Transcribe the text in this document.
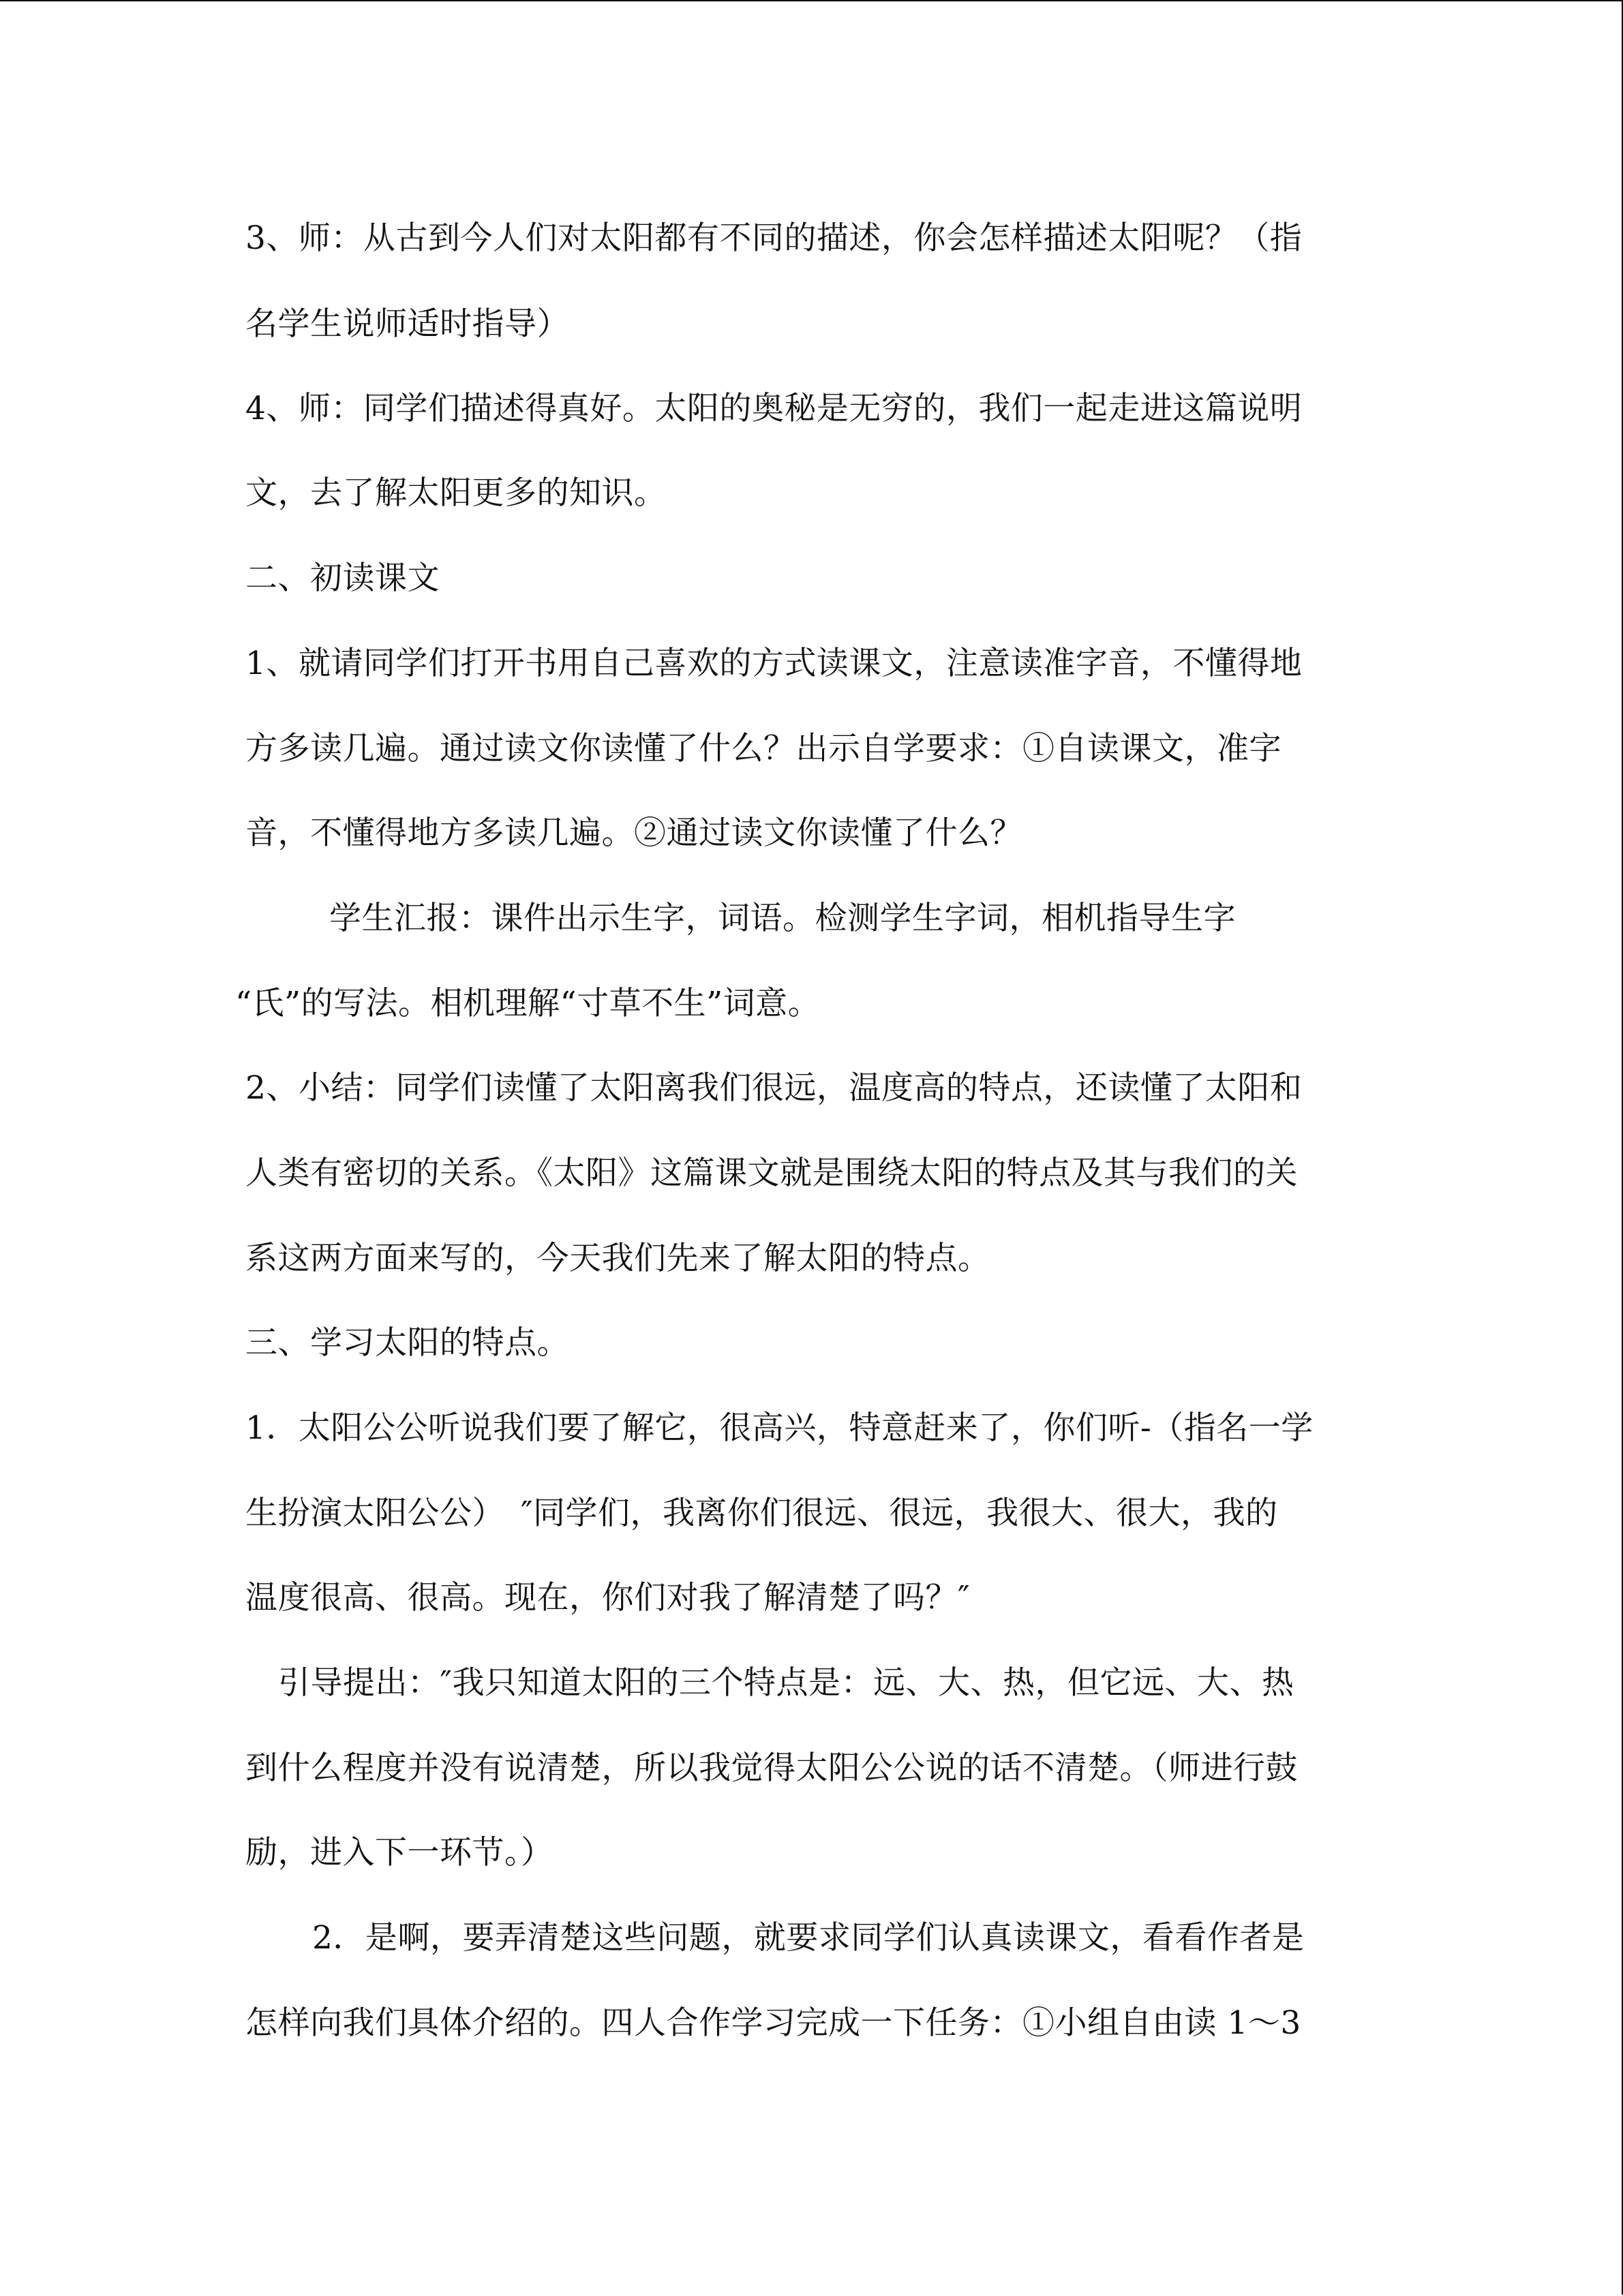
3、师：从古到今人们对太阳都有不同的描述，你会怎样描述太阳呢？（指
名学生说师适时指导）
4、师：同学们描述得真好。太阳的奥秘是无穷的，我们一起走进这篇说明
文，去了解太阳更多的知识。
二、初读课文
1、就请同学们打开书用自己喜欢的方式读课文，注意读准字音，不懂得地
方多读几遍。通过读文你读懂了什么？出示自学要求：①自读课文，准字
音，不懂得地方多读几遍。②通过读文你读懂了什么？
学生汇报：课件出示生字，词语。检测学生字词，相机指导生字
“氏”的写法。相机理解“寸草不生”词意。
2、小结：同学们读懂了太阳离我们很远，温度高的特点，还读懂了太阳和
人类有密切的关系。《太阳》这篇课文就是围绕太阳的特点及其与我们的关
系这两方面来写的，今天我们先来了解太阳的特点。
三、学习太阳的特点。
1．太阳公公听说我们要了解它，很高兴，特意赶来了，你们听-（指名一学
生扮演太阳公公）　″同学们，我离你们很远、很远，我很大、很大，我的
温度很高、很高。现在，你们对我了解清楚了吗？″
引导提出：″我只知道太阳的三个特点是：远、大、热，但它远、大、热
到什么程度并没有说清楚，所以我觉得太阳公公说的话不清楚。（师进行鼓
励，进入下一环节。）
2．是啊，要弄清楚这些问题，就要求同学们认真读课文，看看作者是
怎样向我们具体介绍的。四人合作学习完成一下任务：①小组自由读 1～3
